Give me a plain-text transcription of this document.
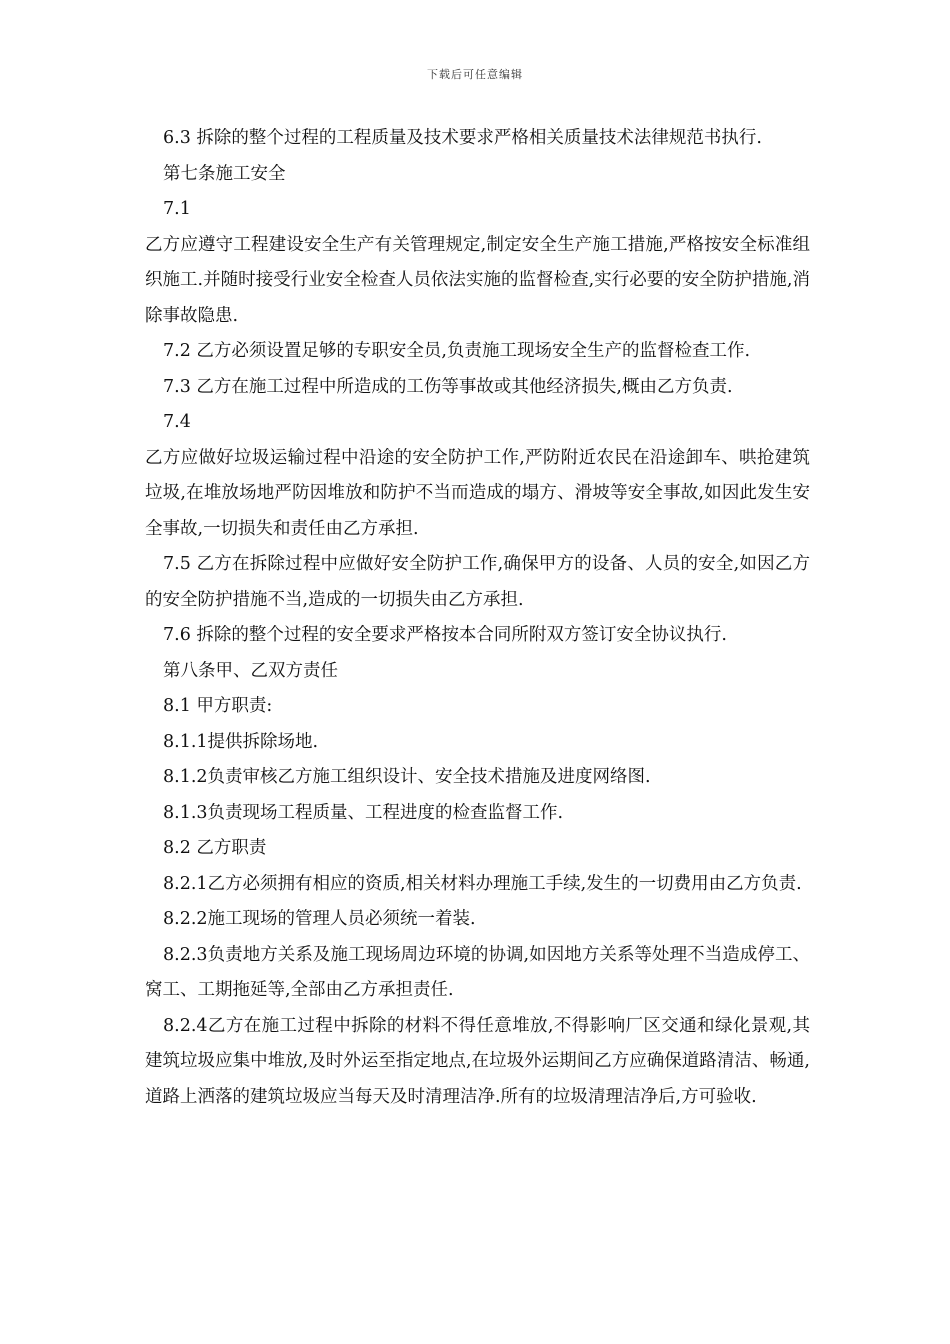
下载后可任意编辑

6.3 拆除的整个过程的工程质量及技术要求严格相关质量技术法律规范书执行.

第七条施工安全

7.1

乙方应遵守工程建设安全生产有关管理规定,制定安全生产施工措施,严格按安全标准组织施工.并随时接受行业安全检查人员依法实施的监督检查,实行必要的安全防护措施,消除事故隐患.

7.2 乙方必须设置足够的专职安全员,负责施工现场安全生产的监督检查工作.

7.3 乙方在施工过程中所造成的工伤等事故或其他经济损失,概由乙方负责.

7.4

乙方应做好垃圾运输过程中沿途的安全防护工作,严防附近农民在沿途卸车、哄抢建筑垃圾,在堆放场地严防因堆放和防护不当而造成的塌方、滑坡等安全事故,如因此发生安全事故,一切损失和责任由乙方承担.

7.5 乙方在拆除过程中应做好安全防护工作,确保甲方的设备、人员的安全,如因乙方的安全防护措施不当,造成的一切损失由乙方承担.

7.6 拆除的整个过程的安全要求严格按本合同所附双方签订安全协议执行.

第八条甲、乙双方责任

8.1 甲方职责:

8.1.1提供拆除场地.

8.1.2负责审核乙方施工组织设计、安全技术措施及进度网络图.

8.1.3负责现场工程质量、工程进度的检查监督工作.

8.2 乙方职责

8.2.1乙方必须拥有相应的资质,相关材料办理施工手续,发生的一切费用由乙方负责.

8.2.2施工现场的管理人员必须统一着装.

8.2.3负责地方关系及施工现场周边环境的协调,如因地方关系等处理不当造成停工、窝工、工期拖延等,全部由乙方承担责任.

8.2.4乙方在施工过程中拆除的材料不得任意堆放,不得影响厂区交通和绿化景观,其建筑垃圾应集中堆放,及时外运至指定地点,在垃圾外运期间乙方应确保道路清洁、畅通,道路上洒落的建筑垃圾应当每天及时清理洁净.所有的垃圾清理洁净后,方可验收.
